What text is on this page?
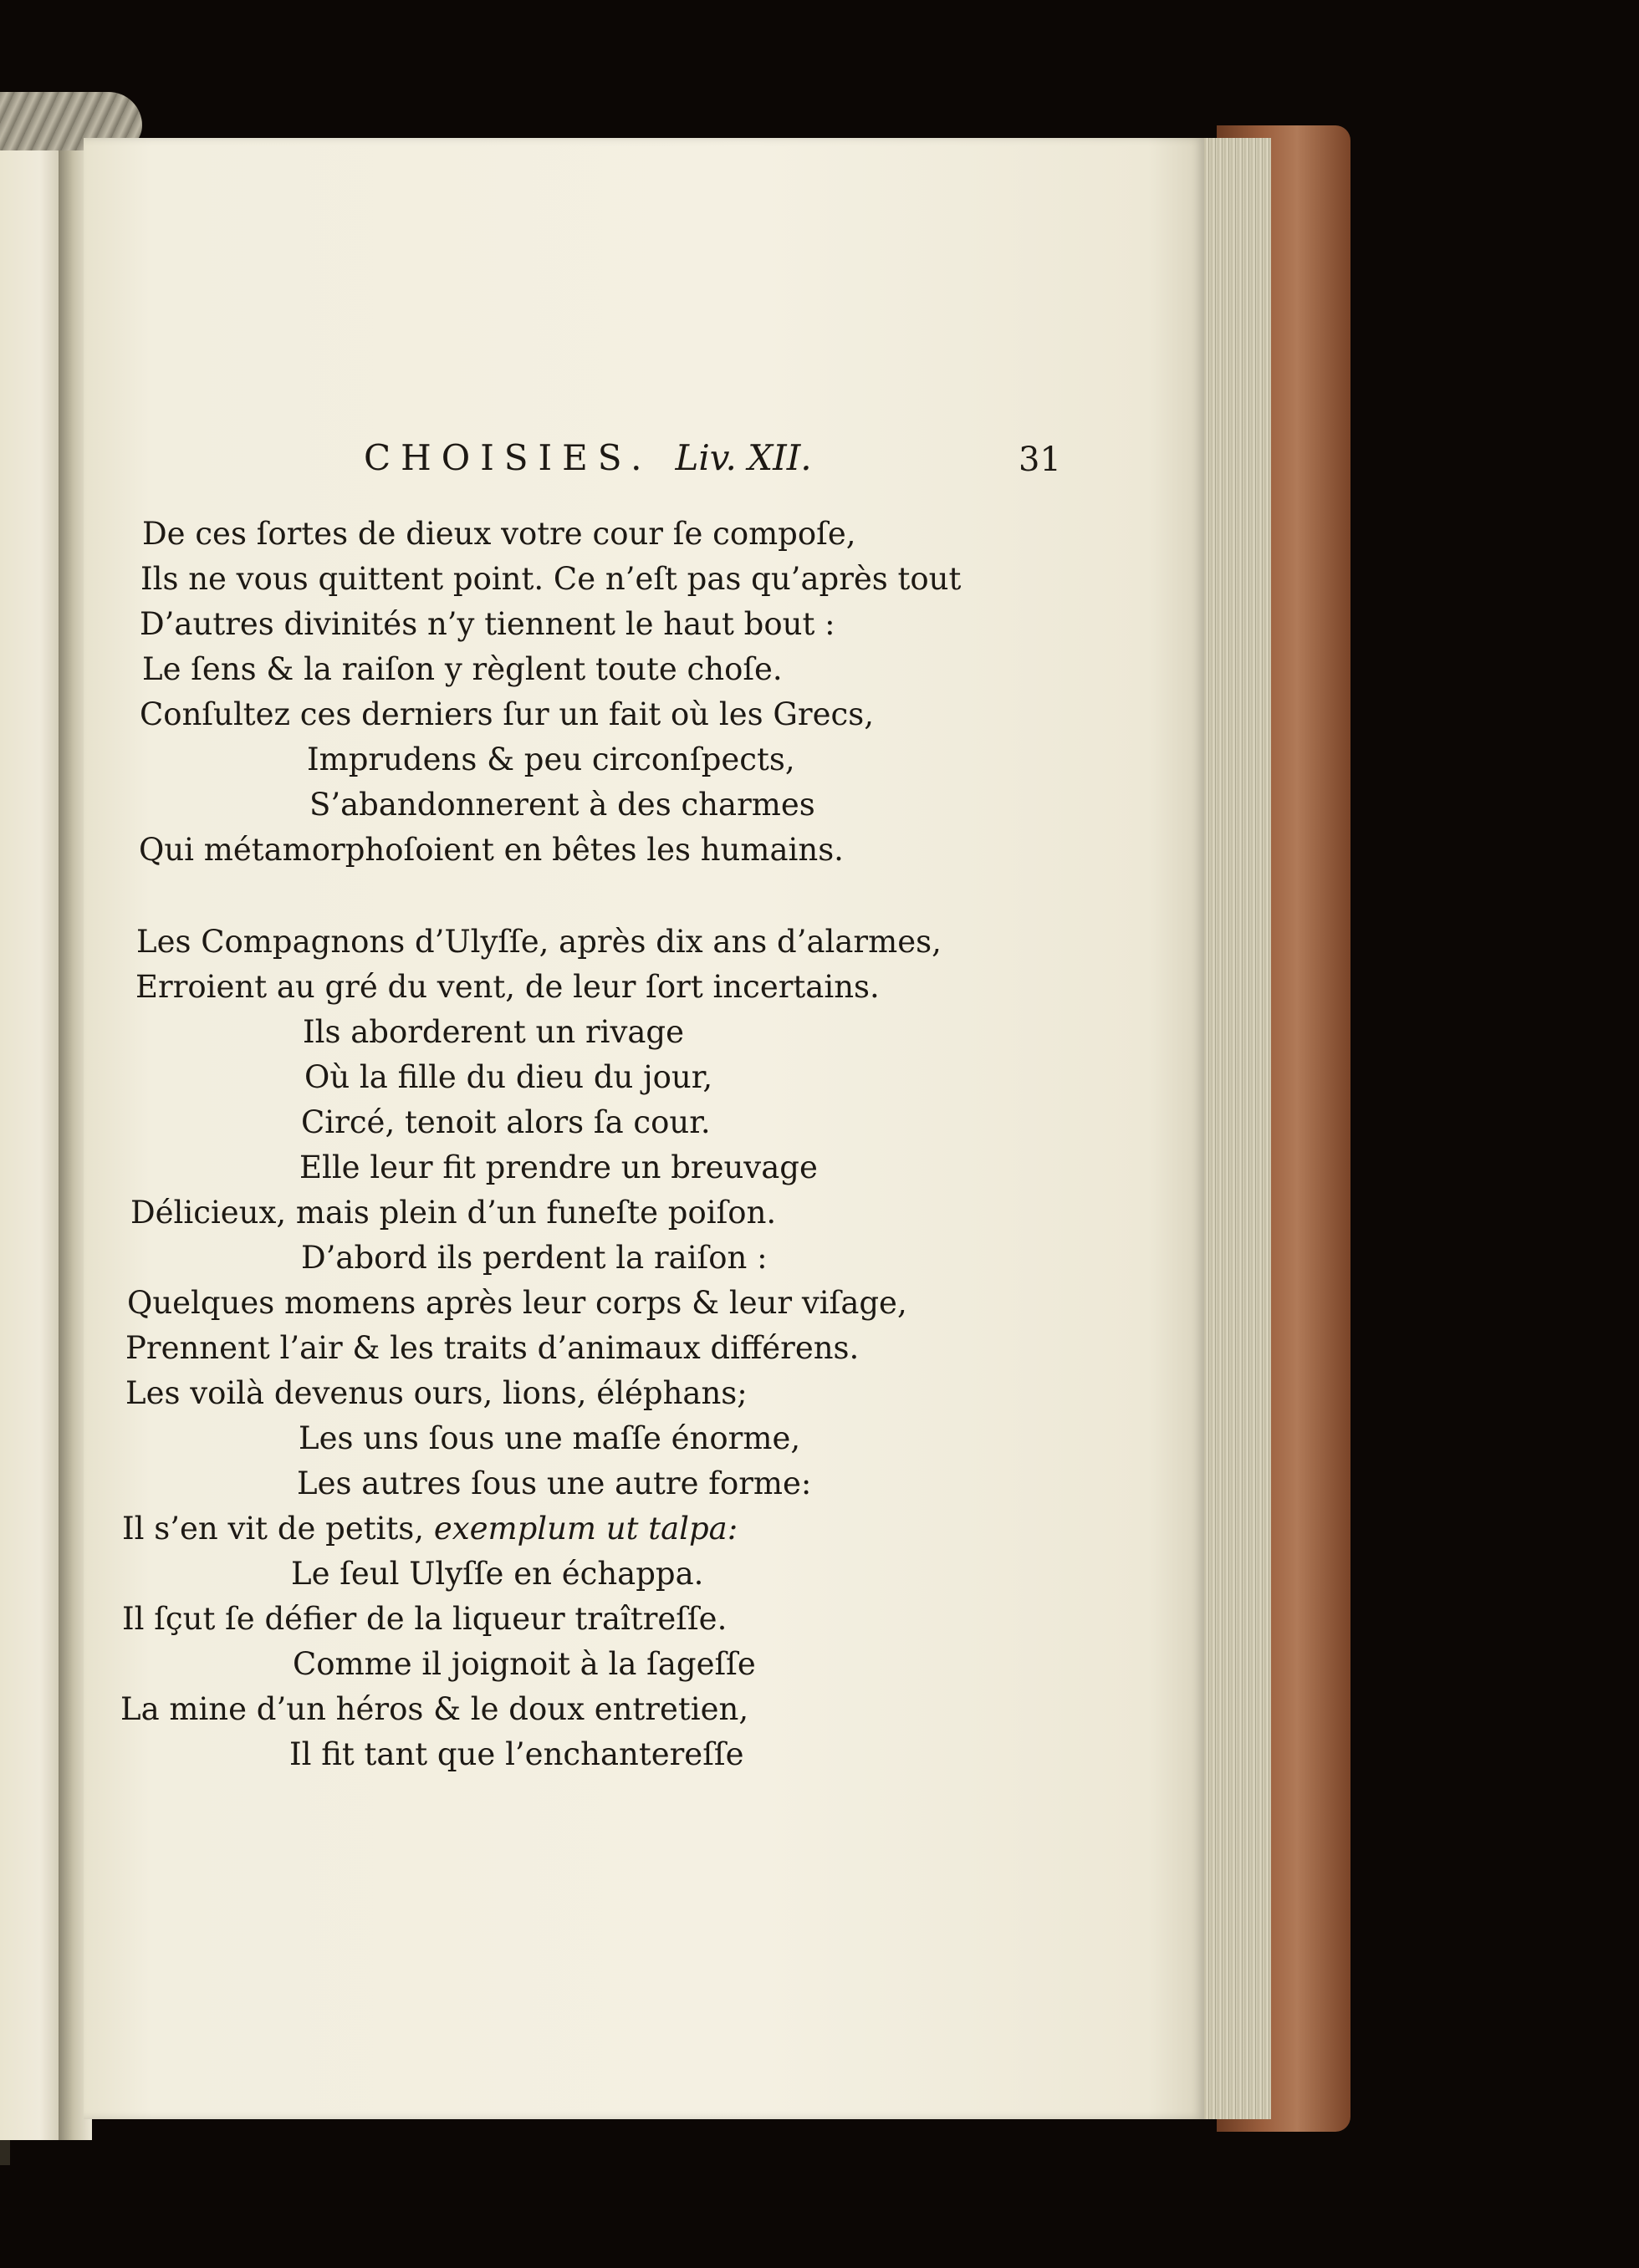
CHOISIES. Liv. XII.	31
De ces ſortes de dieux votre cour ſe compoſe,
Ils ne vous quittent point. Ce n’eſt pas qu’après tout
D’autres divinités n’y tiennent le haut bout :
Le ſens & la raiſon y règlent toute choſe.
Conſultez ces derniers ſur un fait où les Grecs,
Imprudens & peu circonſpects,
S’abandonnerent à des charmes
Qui métamorphoſoient en bêtes les humains.
Les Compagnons d’Ulyſſe, après dix ans d’alarmes,
Erroient au gré du vent, de leur ſort incertains.
Ils aborderent un rivage
Où la fille du dieu du jour,
Circé, tenoit alors ſa cour.
Elle leur fit prendre un breuvage
Délicieux, mais plein d’un funeſte poiſon.
D’abord ils perdent la raiſon :
Quelques momens après leur corps & leur viſage,
Prennent l’air & les traits d’animaux différens.
Les voilà devenus ours, lions, éléphans;
Les uns ſous une maſſe énorme,
Les autres ſous une autre forme:
Il s’en vit de petits, exemplum ut talpa:
Le ſeul Ulyſſe en échappa.
Il ſçut ſe défier de la liqueur traîtreſſe.
Comme il joignoit à la ſageſſe
La mine d’un héros & le doux entretien,
Il fit tant que l’enchantereſſe
